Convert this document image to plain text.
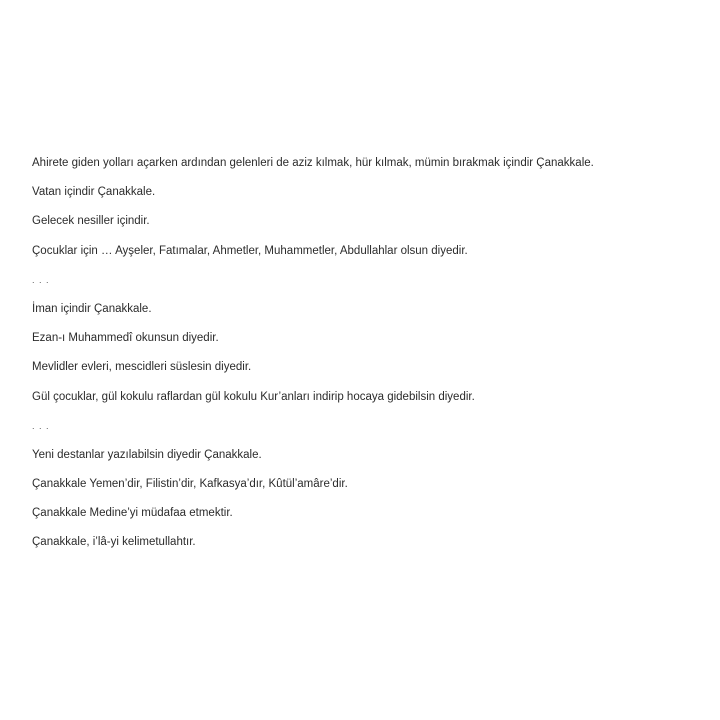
Ahirete giden yolları açarken ardından gelenleri de aziz kılmak, hür kılmak, mümin bırakmak içindir Çanakkale.
Vatan içindir Çanakkale.
Gelecek nesiller içindir.
Çocuklar için … Ayşeler, Fatımalar, Ahmetler, Muhammetler, Abdullahlar olsun diyedir.
. . .
İman içindir Çanakkale.
Ezan-ı Muhammedî okunsun diyedir.
Mevlidler evleri, mescidleri süslesin diyedir.
Gül çocuklar, gül kokulu raflardan gül kokulu Kur’anları indirip hocaya gidebilsin diyedir.
. . .
Yeni destanlar yazılabilsin diyedir Çanakkale.
Çanakkale Yemen’dir, Filistin’dir, Kafkasya’dır, Kûtül’amâre’dir.
Çanakkale Medine’yi müdafaa etmektir.
Çanakkale, i’lâ-yi kelimetullahtır.
